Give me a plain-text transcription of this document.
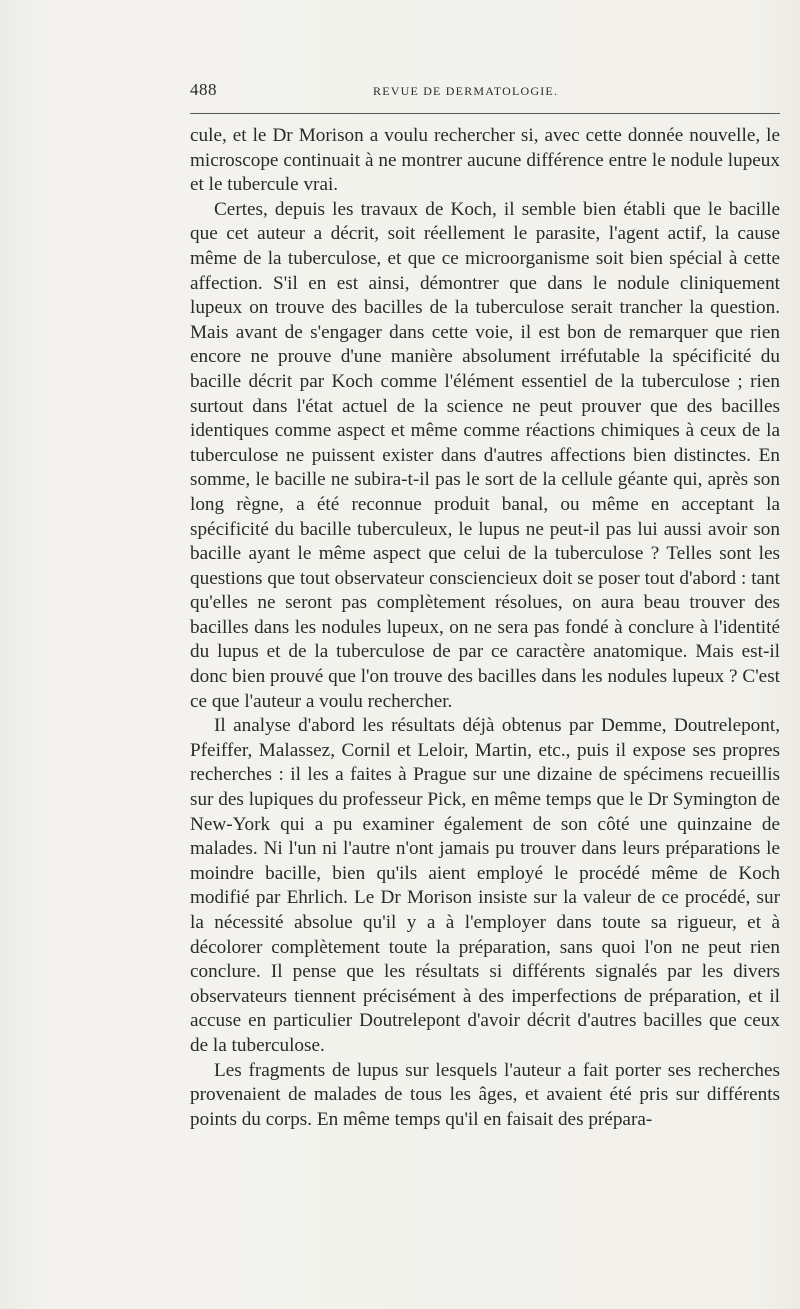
488	REVUE DE DERMATOLOGIE.

cule, et le Dr Morison a voulu rechercher si, avec cette donnée nouvelle, le microscope continuait à ne montrer aucune différence entre le nodule lupeux et le tubercule vrai.

Certes, depuis les travaux de Koch, il semble bien établi que le bacille que cet auteur a décrit, soit réellement le parasite, l'agent actif, la cause même de la tuberculose, et que ce microorganisme soit bien spécial à cette affection. S'il en est ainsi, démontrer que dans le nodule cliniquement lupeux on trouve des bacilles de la tuberculose serait trancher la question. Mais avant de s'engager dans cette voie, il est bon de remarquer que rien encore ne prouve d'une manière absolument irréfutable la spécificité du bacille décrit par Koch comme l'élément essentiel de la tuberculose ; rien surtout dans l'état actuel de la science ne peut prouver que des bacilles identiques comme aspect et même comme réactions chimiques à ceux de la tuberculose ne puissent exister dans d'autres affections bien distinctes. En somme, le bacille ne subira-t-il pas le sort de la cellule géante qui, après son long règne, a été reconnue produit banal, ou même en acceptant la spécificité du bacille tuberculeux, le lupus ne peut-il pas lui aussi avoir son bacille ayant le même aspect que celui de la tuberculose ? Telles sont les questions que tout observateur consciencieux doit se poser tout d'abord : tant qu'elles ne seront pas complètement résolues, on aura beau trouver des bacilles dans les nodules lupeux, on ne sera pas fondé à conclure à l'identité du lupus et de la tuberculose de par ce caractère anatomique. Mais est-il donc bien prouvé que l'on trouve des bacilles dans les nodules lupeux ? C'est ce que l'auteur a voulu rechercher.

Il analyse d'abord les résultats déjà obtenus par Demme, Doutrelepont, Pfeiffer, Malassez, Cornil et Leloir, Martin, etc., puis il expose ses propres recherches : il les a faites à Prague sur une dizaine de spécimens recueillis sur des lupiques du professeur Pick, en même temps que le Dr Symington de New-York qui a pu examiner également de son côté une quinzaine de malades. Ni l'un ni l'autre n'ont jamais pu trouver dans leurs préparations le moindre bacille, bien qu'ils aient employé le procédé même de Koch modifié par Ehrlich. Le Dr Morison insiste sur la valeur de ce procédé, sur la nécessité absolue qu'il y a à l'employer dans toute sa rigueur, et à décolorer complètement toute la préparation, sans quoi l'on ne peut rien conclure. Il pense que les résultats si différents signalés par les divers observateurs tiennent précisément à des imperfections de préparation, et il accuse en particulier Doutrelepont d'avoir décrit d'autres bacilles que ceux de la tuberculose.

Les fragments de lupus sur lesquels l'auteur a fait porter ses recherches provenaient de malades de tous les âges, et avaient été pris sur différents points du corps. En même temps qu'il en faisait des prépara-
